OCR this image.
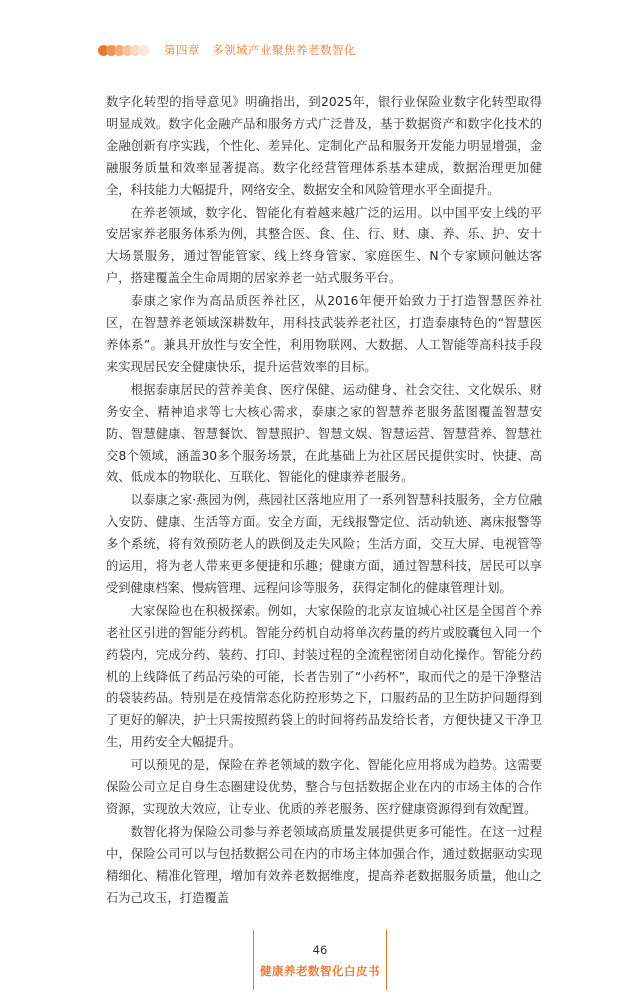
第四章　多领域产业聚焦养老数智化

数字化转型的指导意见》明确指出，到2025年，银行业保险业数字化转型取得明显成效。数字化金融产品和服务方式广泛普及，基于数据资产和数字化技术的金融创新有序实践，个性化、差异化、定制化产品和服务开发能力明显增强，金融服务质量和效率显著提高。数字化经营管理体系基本建成，数据治理更加健全，科技能力大幅提升，网络安全、数据安全和风险管理水平全面提升。

在养老领域，数字化、智能化有着越来越广泛的运用。以中国平安上线的平安居家养老服务体系为例，其整合医、食、住、行、财、康、养、乐、护、安十大场景服务，通过智能管家、线上终身管家、家庭医生、N个专家顾问触达客户，搭建覆盖全生命周期的居家养老一站式服务平台。

泰康之家作为高品质医养社区，从2016年便开始致力于打造智慧医养社区，在智慧养老领域深耕数年，用科技武装养老社区，打造泰康特色的“智慧医养体系”。兼具开放性与安全性，利用物联网、大数据、人工智能等高科技手段来实现居民安全健康快乐，提升运营效率的目标。

根据泰康居民的营养美食、医疗保健、运动健身、社会交往、文化娱乐、财务安全、精神追求等七大核心需求，泰康之家的智慧养老服务蓝图覆盖智慧安防、智慧健康、智慧餐饮、智慧照护、智慧文娱、智慧运营、智慧营养、智慧社交8个领域，涵盖30多个服务场景，在此基础上为社区居民提供实时、快捷、高效、低成本的物联化、互联化、智能化的健康养老服务。

以泰康之家·燕园为例，燕园社区落地应用了一系列智慧科技服务，全方位融入安防、健康、生活等方面。安全方面，无线报警定位、活动轨迹、离床报警等多个系统，将有效预防老人的跌倒及走失风险；生活方面，交互大屏、电视管等的运用，将为老人带来更多便捷和乐趣；健康方面，通过智慧科技，居民可以享受到健康档案、慢病管理、远程问诊等服务，获得定制化的健康管理计划。

大家保险也在积极探索。例如，大家保险的北京友谊城心社区是全国首个养老社区引进的智能分药机。智能分药机自动将单次药量的药片或胶囊包入同一个药袋内，完成分药、装药、打印、封装过程的全流程密闭自动化操作。智能分药机的上线降低了药品污染的可能，长者告别了“小药杯”，取而代之的是干净整洁的袋装药品。特别是在疫情常态化防控形势之下，口服药品的卫生防护问题得到了更好的解决，护士只需按照药袋上的时间将药品发给长者，方便快捷又干净卫生，用药安全大幅提升。

可以预见的是，保险在养老领域的数字化、智能化应用将成为趋势。这需要保险公司立足自身生态圈建设优势，整合与包括数据企业在内的市场主体的合作资源，实现放大效应，让专业、优质的养老服务、医疗健康资源得到有效配置。

数智化将为保险公司参与养老领域高质量发展提供更多可能性。在这一过程中，保险公司可以与包括数据公司在内的市场主体加强合作，通过数据驱动实现精细化、精准化管理，增加有效养老数据维度，提高养老数据服务质量，他山之石为己攻玉，打造覆盖

46
健康养老数智化白皮书
